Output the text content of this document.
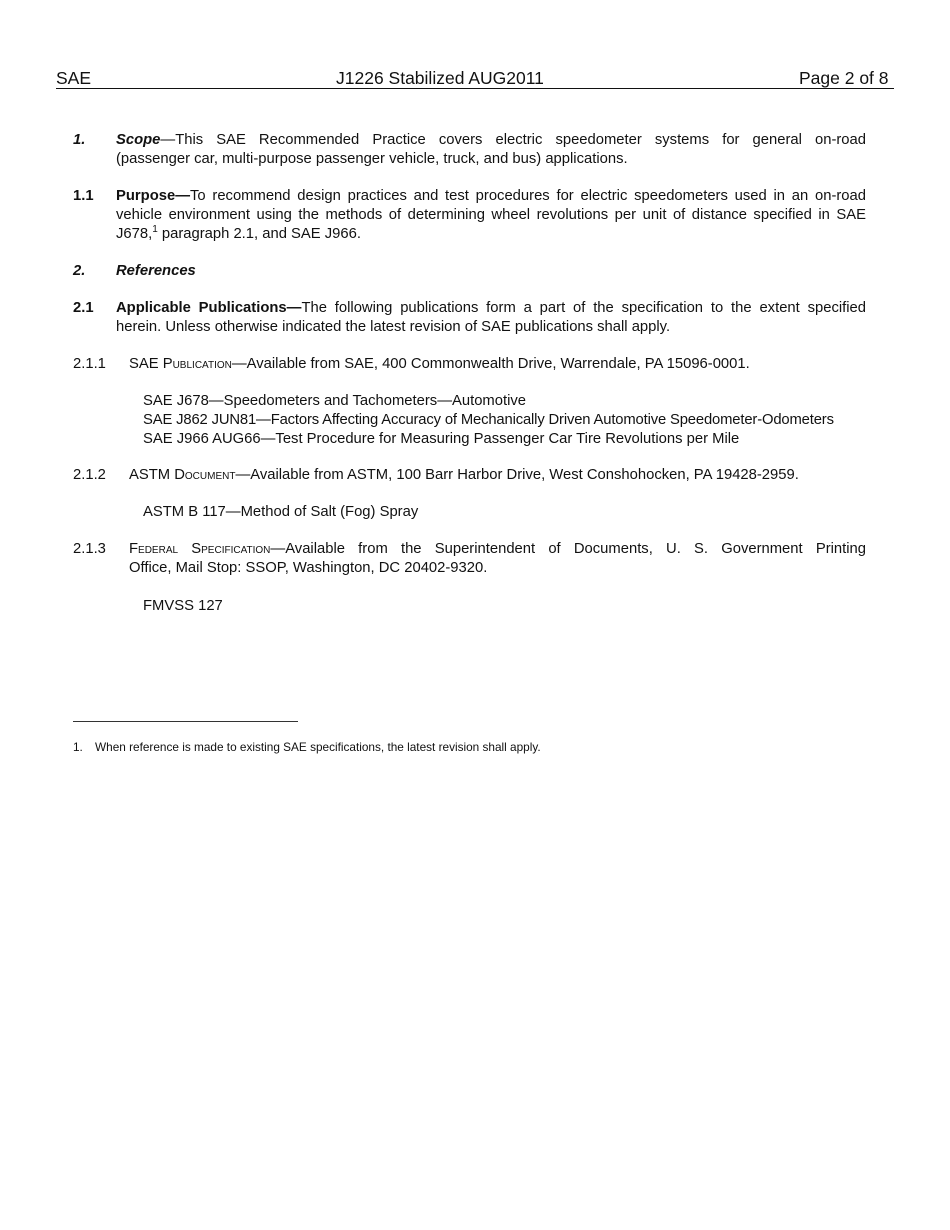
SAE	J1226 Stabilized AUG2011	Page 2 of 8
1. Scope—This SAE Recommended Practice covers electric speedometer systems for general on-road
(passenger car, multi-purpose passenger vehicle, truck, and bus) applications.
1.1 Purpose—To recommend design practices and test procedures for electric speedometers used in an on-road
vehicle environment using the methods of determining wheel revolutions per unit of distance specified in SAE
J678,$^1$ paragraph 2.1, and SAE J966.
2. References
2.1 Applicable Publications—The following publications form a part of the specification to the extent specified
herein. Unless otherwise indicated the latest revision of SAE publications shall apply.
2.1.1 SAE Publication—Available from SAE, 400 Commonwealth Drive, Warrendale, PA 15096-0001.
SAE J678—Speedometers and Tachometers—Automotive
SAE J862 JUN81—Factors Affecting Accuracy of Mechanically Driven Automotive Speedometer-Odometers
SAE J966 AUG66—Test Procedure for Measuring Passenger Car Tire Revolutions per Mile
2.1.2 ASTM Document—Available from ASTM, 100 Barr Harbor Drive, West Conshohocken, PA 19428-2959.
ASTM B 117—Method of Salt (Fog) Spray
2.1.3 Federal Specification—Available from the Superintendent of Documents, U. S. Government Printing
Office, Mail Stop: SSOP, Washington, DC 20402-9320.
FMVSS 127
1. When reference is made to existing SAE specifications, the latest revision shall apply.
